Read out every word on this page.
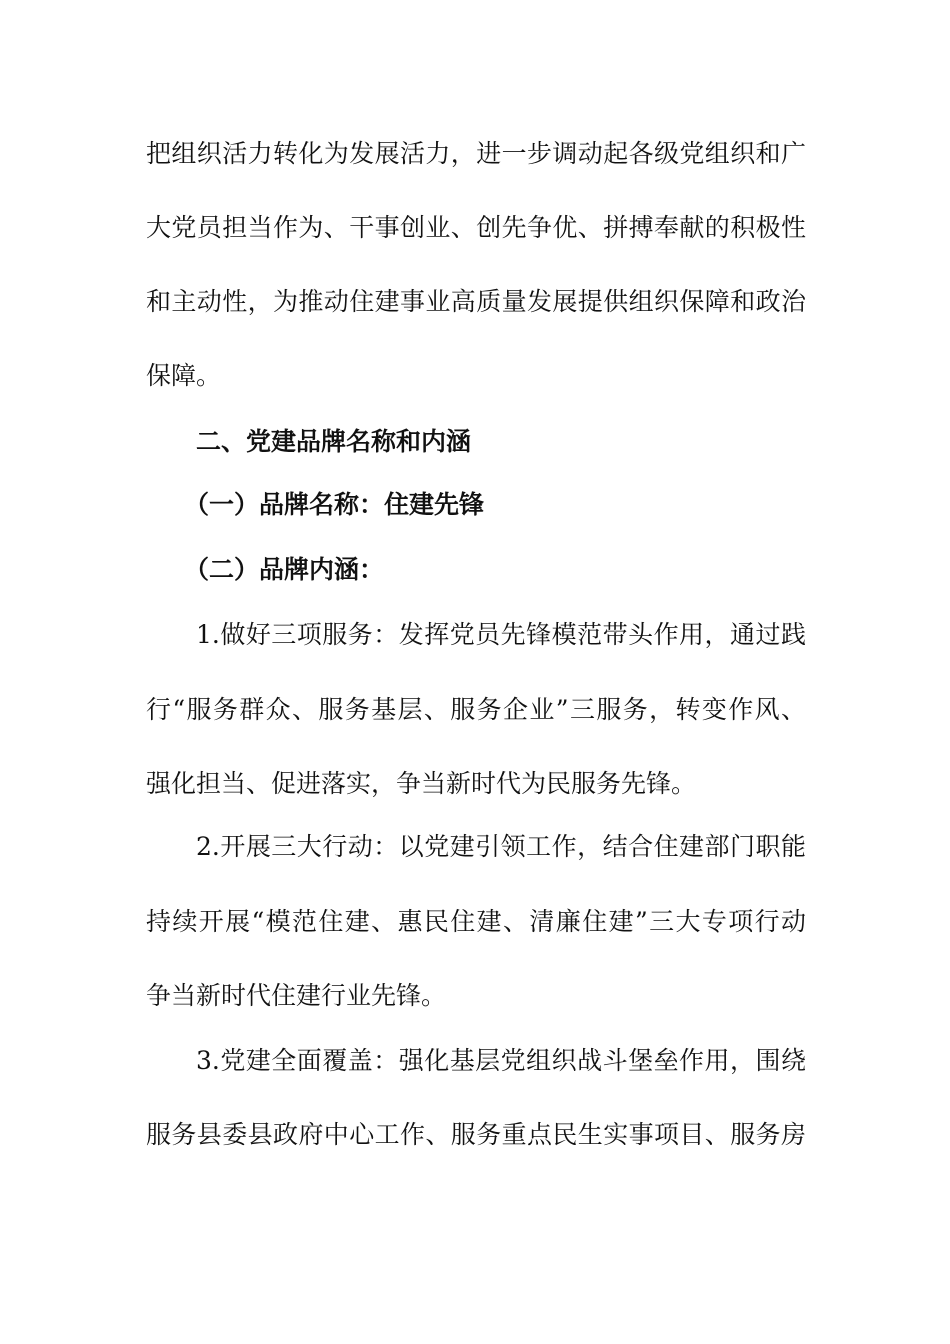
把组织活力转化为发展活力，进一步调动起各级党组织和广
大党员担当作为、干事创业、创先争优、拼搏奉献的积极性
和主动性，为推动住建事业高质量发展提供组织保障和政治
保障。
二、党建品牌名称和内涵
（一）品牌名称：住建先锋
（二）品牌内涵：
1.做好三项服务：发挥党员先锋模范带头作用，通过践
行“服务群众、服务基层、服务企业”三服务，转变作风、
强化担当、促进落实，争当新时代为民服务先锋。
2.开展三大行动：以党建引领工作，结合住建部门职能
持续开展“模范住建、惠民住建、清廉住建”三大专项行动
争当新时代住建行业先锋。
3.党建全面覆盖：强化基层党组织战斗堡垒作用，围绕
服务县委县政府中心工作、服务重点民生实事项目、服务房
